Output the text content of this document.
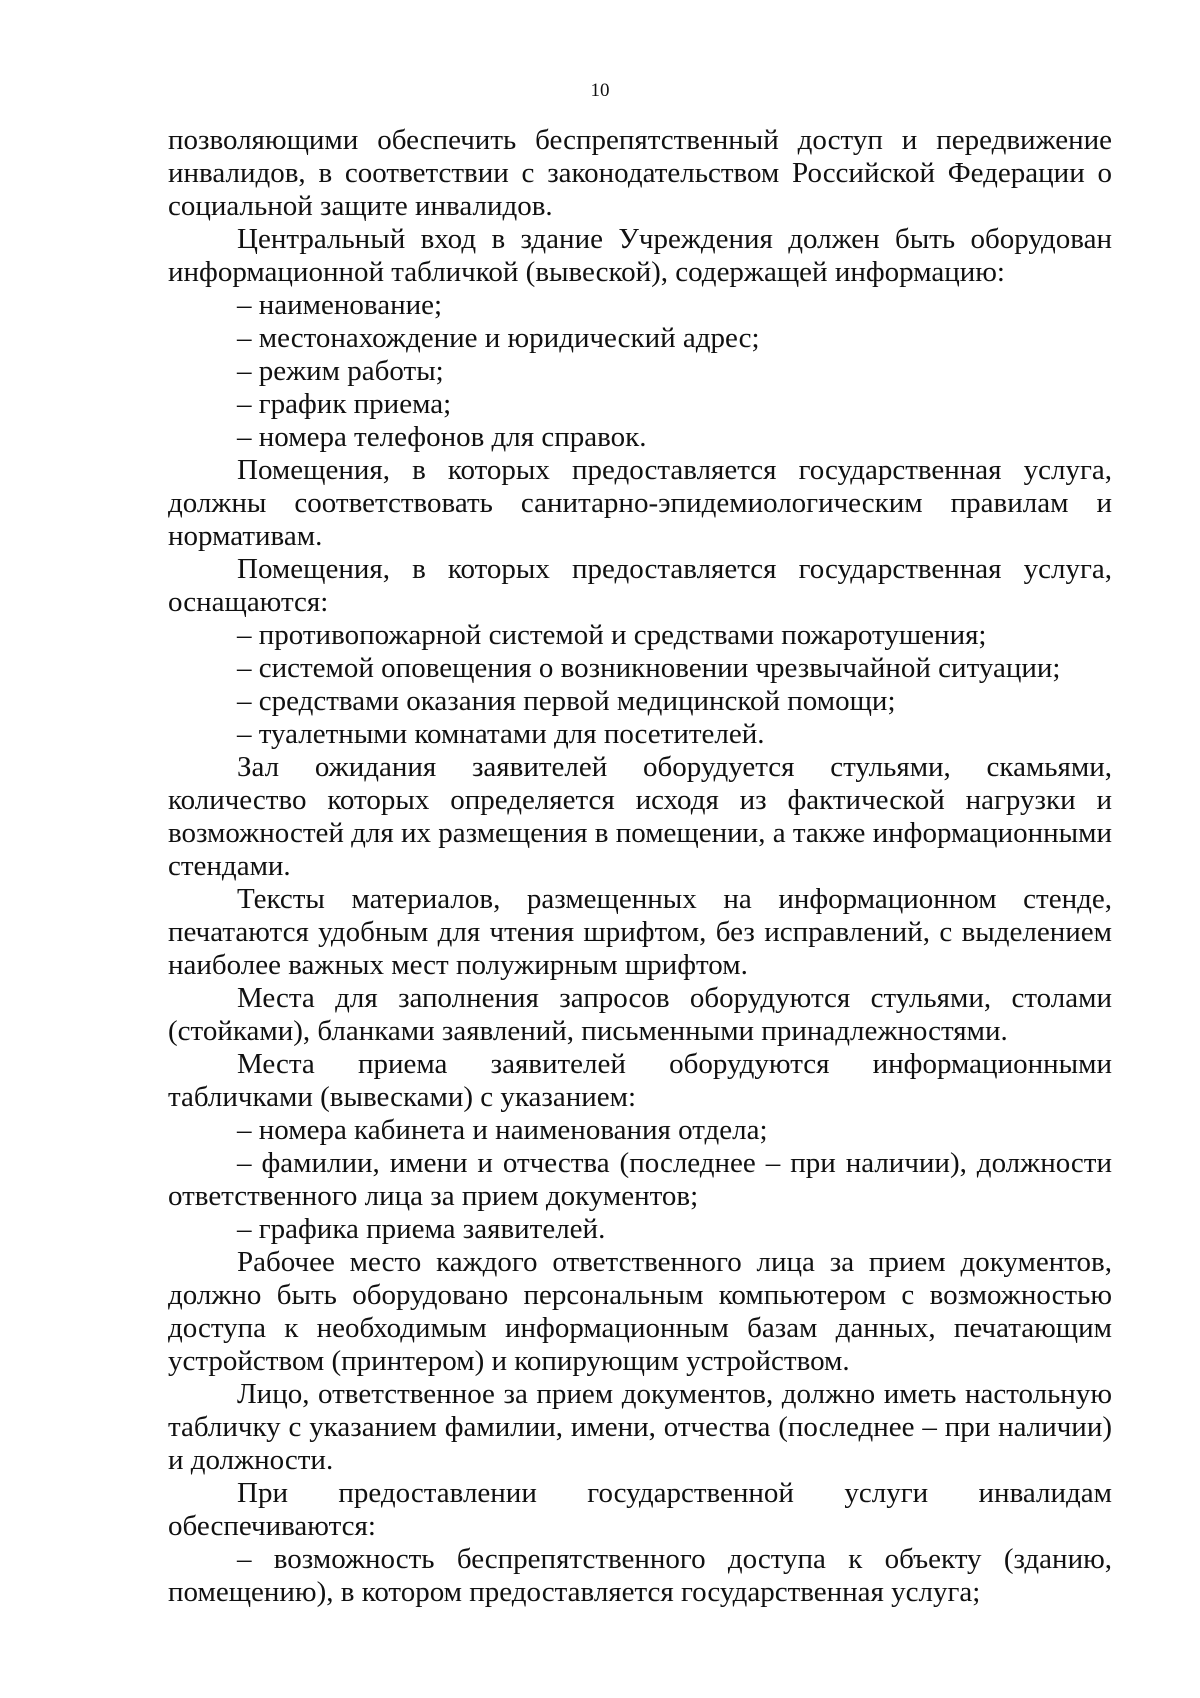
10

позволяющими обеспечить беспрепятственный доступ и передвижение инвалидов, в соответствии с законодательством Российской Федерации о социальной защите инвалидов.

Центральный вход в здание Учреждения должен быть оборудован информационной табличкой (вывеской), содержащей информацию:

– наименование;

– местонахождение и юридический адрес;

– режим работы;

– график приема;

– номера телефонов для справок.

Помещения, в которых предоставляется государственная услуга, должны соответствовать санитарно-эпидемиологическим правилам и нормативам.

Помещения, в которых предоставляется государственная услуга, оснащаются:

– противопожарной системой и средствами пожаротушения;

– системой оповещения о возникновении чрезвычайной ситуации;

– средствами оказания первой медицинской помощи;

– туалетными комнатами для посетителей.

Зал ожидания заявителей оборудуется стульями, скамьями, количество которых определяется исходя из фактической нагрузки и возможностей для их размещения в помещении, а также информационными стендами.

Тексты материалов, размещенных на информационном стенде, печатаются удобным для чтения шрифтом, без исправлений, с выделением наиболее важных мест полужирным шрифтом.

Места для заполнения запросов оборудуются стульями, столами (стойками), бланками заявлений, письменными принадлежностями.

Места приема заявителей оборудуются информационными табличками (вывесками) с указанием:

– номера кабинета и наименования отдела;

– фамилии, имени и отчества (последнее – при наличии), должности ответственного лица за прием документов;

– графика приема заявителей.

Рабочее место каждого ответственного лица за прием документов, должно быть оборудовано персональным компьютером с возможностью доступа к необходимым информационным базам данных, печатающим устройством (принтером) и копирующим устройством.

Лицо, ответственное за прием документов, должно иметь настольную табличку с указанием фамилии, имени, отчества (последнее – при наличии) и должности.

При предоставлении государственной услуги инвалидам обеспечиваются:

– возможность беспрепятственного доступа к объекту (зданию, помещению), в котором предоставляется государственная услуга;
